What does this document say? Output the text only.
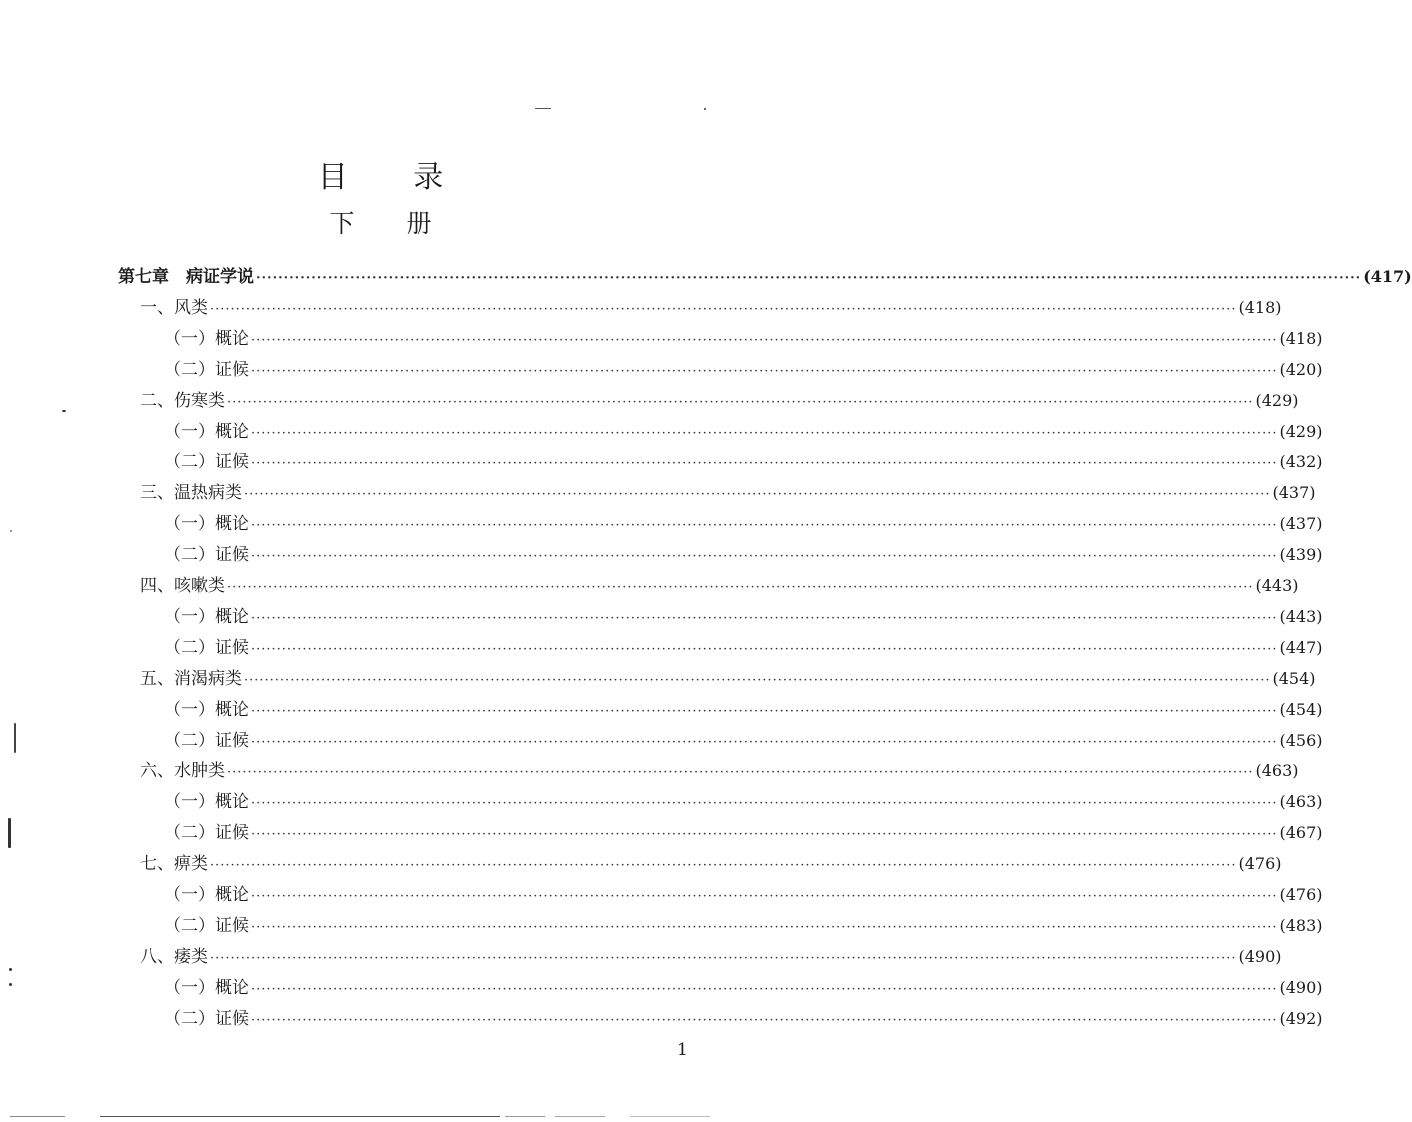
目 录
下 册
第七章　病证学说 ········································································································································································································ (417)
一、风类 ········································································································································································································ (418)
（一）概论 ········································································································································································································ (418)
（二）证候 ········································································································································································································ (420)
二、伤寒类 ········································································································································································································ (429)
（一）概论 ········································································································································································································ (429)
（二）证候 ········································································································································································································ (432)
三、温热病类 ········································································································································································································ (437)
（一）概论 ········································································································································································································ (437)
（二）证候 ········································································································································································································ (439)
四、咳嗽类 ········································································································································································································ (443)
（一）概论 ········································································································································································································ (443)
（二）证候 ········································································································································································································ (447)
五、消渴病类 ········································································································································································································ (454)
（一）概论 ········································································································································································································ (454)
（二）证候 ········································································································································································································ (456)
六、水肿类 ········································································································································································································ (463)
（一）概论 ········································································································································································································ (463)
（二）证候 ········································································································································································································ (467)
七、痹类 ········································································································································································································ (476)
（一）概论 ········································································································································································································ (476)
（二）证候 ········································································································································································································ (483)
八、痿类 ········································································································································································································ (490)
（一）概论 ········································································································································································································ (490)
（二）证候 ········································································································································································································ (492)
1
